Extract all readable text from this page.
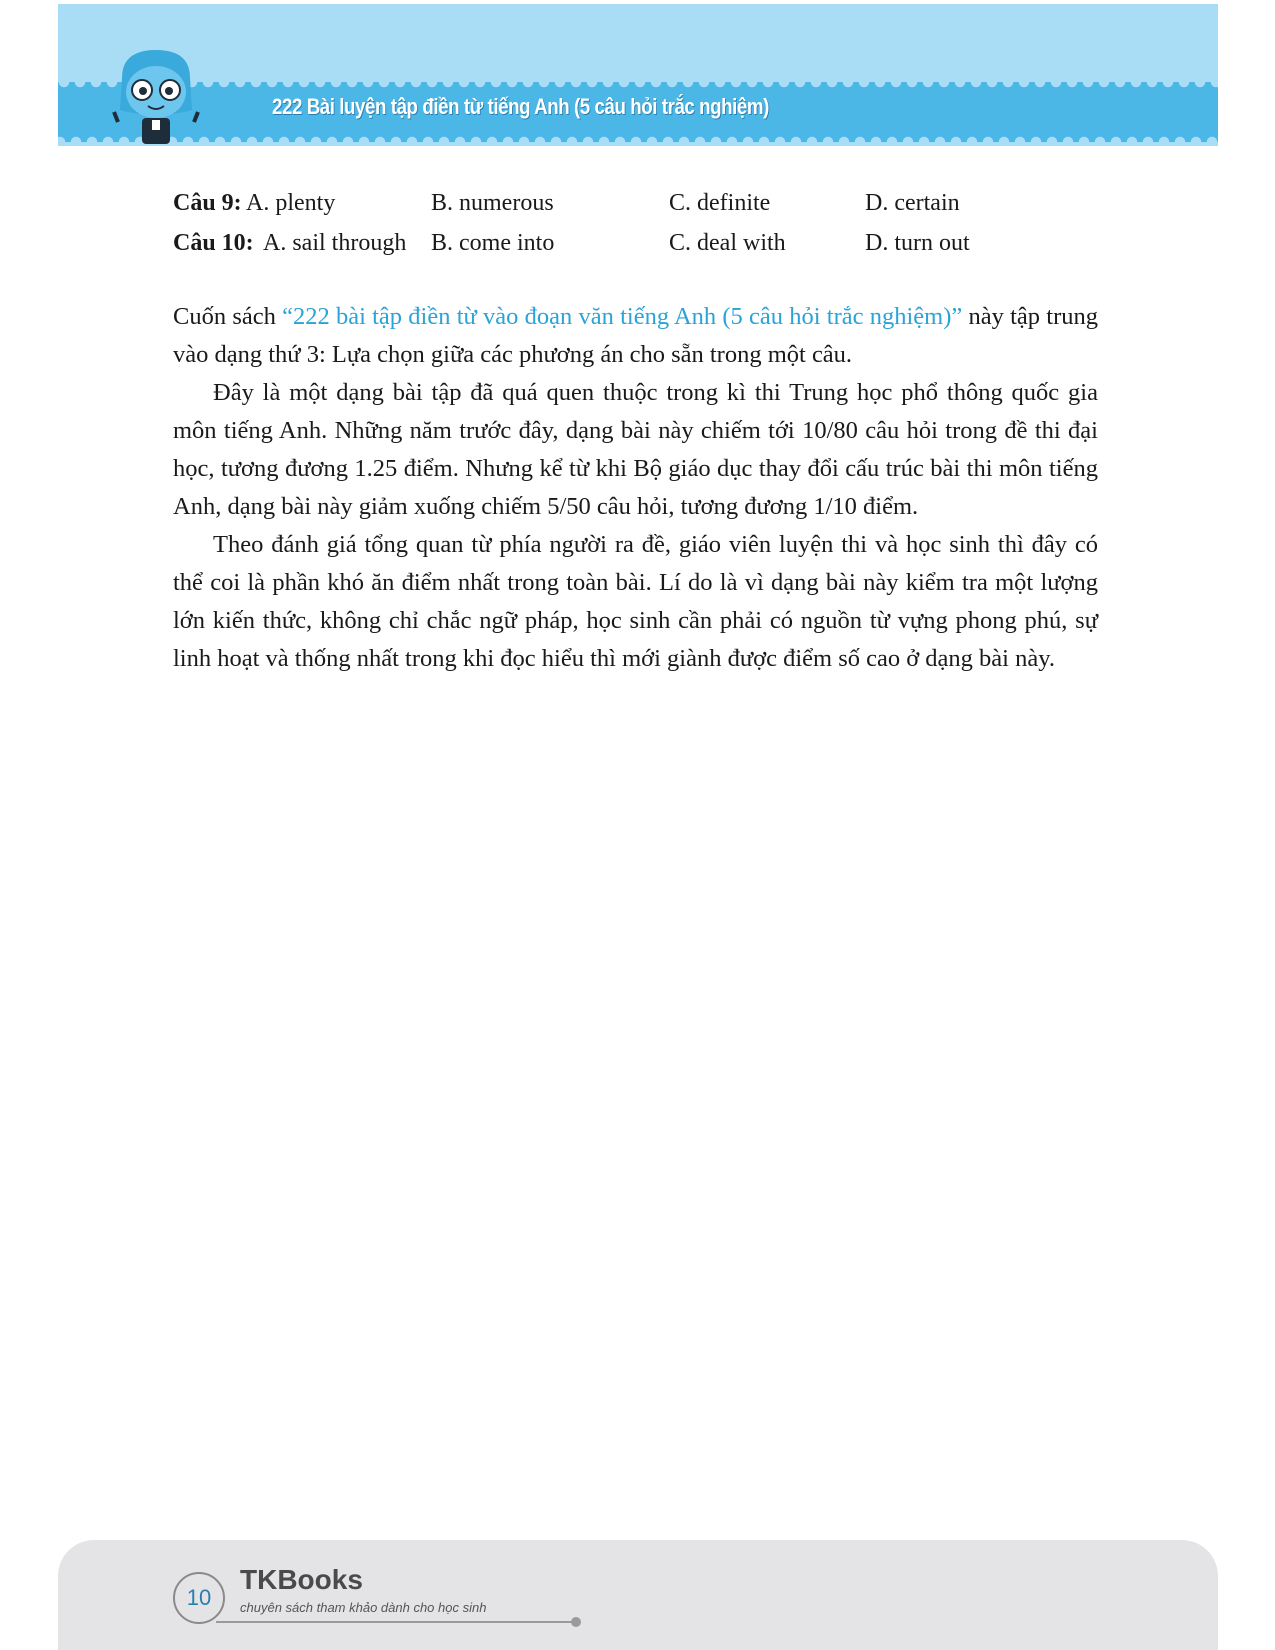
222 Bài luyện tập điền từ tiếng Anh (5 câu hỏi trắc nghiệm)
Câu 9: A. plenty	B. numerous	C. definite	D. certain
Câu 10: A. sail through B. come into	C. deal with	D. turn out

Cuốn sách “222 bài tập điền từ vào đoạn văn tiếng Anh (5 câu hỏi trắc nghiệm)” này tập trung vào dạng thứ 3: Lựa chọn giữa các phương án cho sẵn trong một câu.

Đây là một dạng bài tập đã quá quen thuộc trong kì thi Trung học phổ thông quốc gia môn tiếng Anh. Những năm trước đây, dạng bài này chiếm tới 10/80 câu hỏi trong đề thi đại học, tương đương 1.25 điểm. Nhưng kể từ khi Bộ giáo dục thay đổi cấu trúc bài thi môn tiếng Anh, dạng bài này giảm xuống chiếm 5/50 câu hỏi, tương đương 1/10 điểm.

Theo đánh giá tổng quan từ phía người ra đề, giáo viên luyện thi và học sinh thì đây có thể coi là phần khó ăn điểm nhất trong toàn bài. Lí do là vì dạng bài này kiểm tra một lượng lớn kiến thức, không chỉ chắc ngữ pháp, học sinh cần phải có nguồn từ vựng phong phú, sự linh hoạt và thống nhất trong khi đọc hiểu thì mới giành được điểm số cao ở dạng bài này.

10
TKBooks
chuyên sách tham khảo dành cho học sinh
